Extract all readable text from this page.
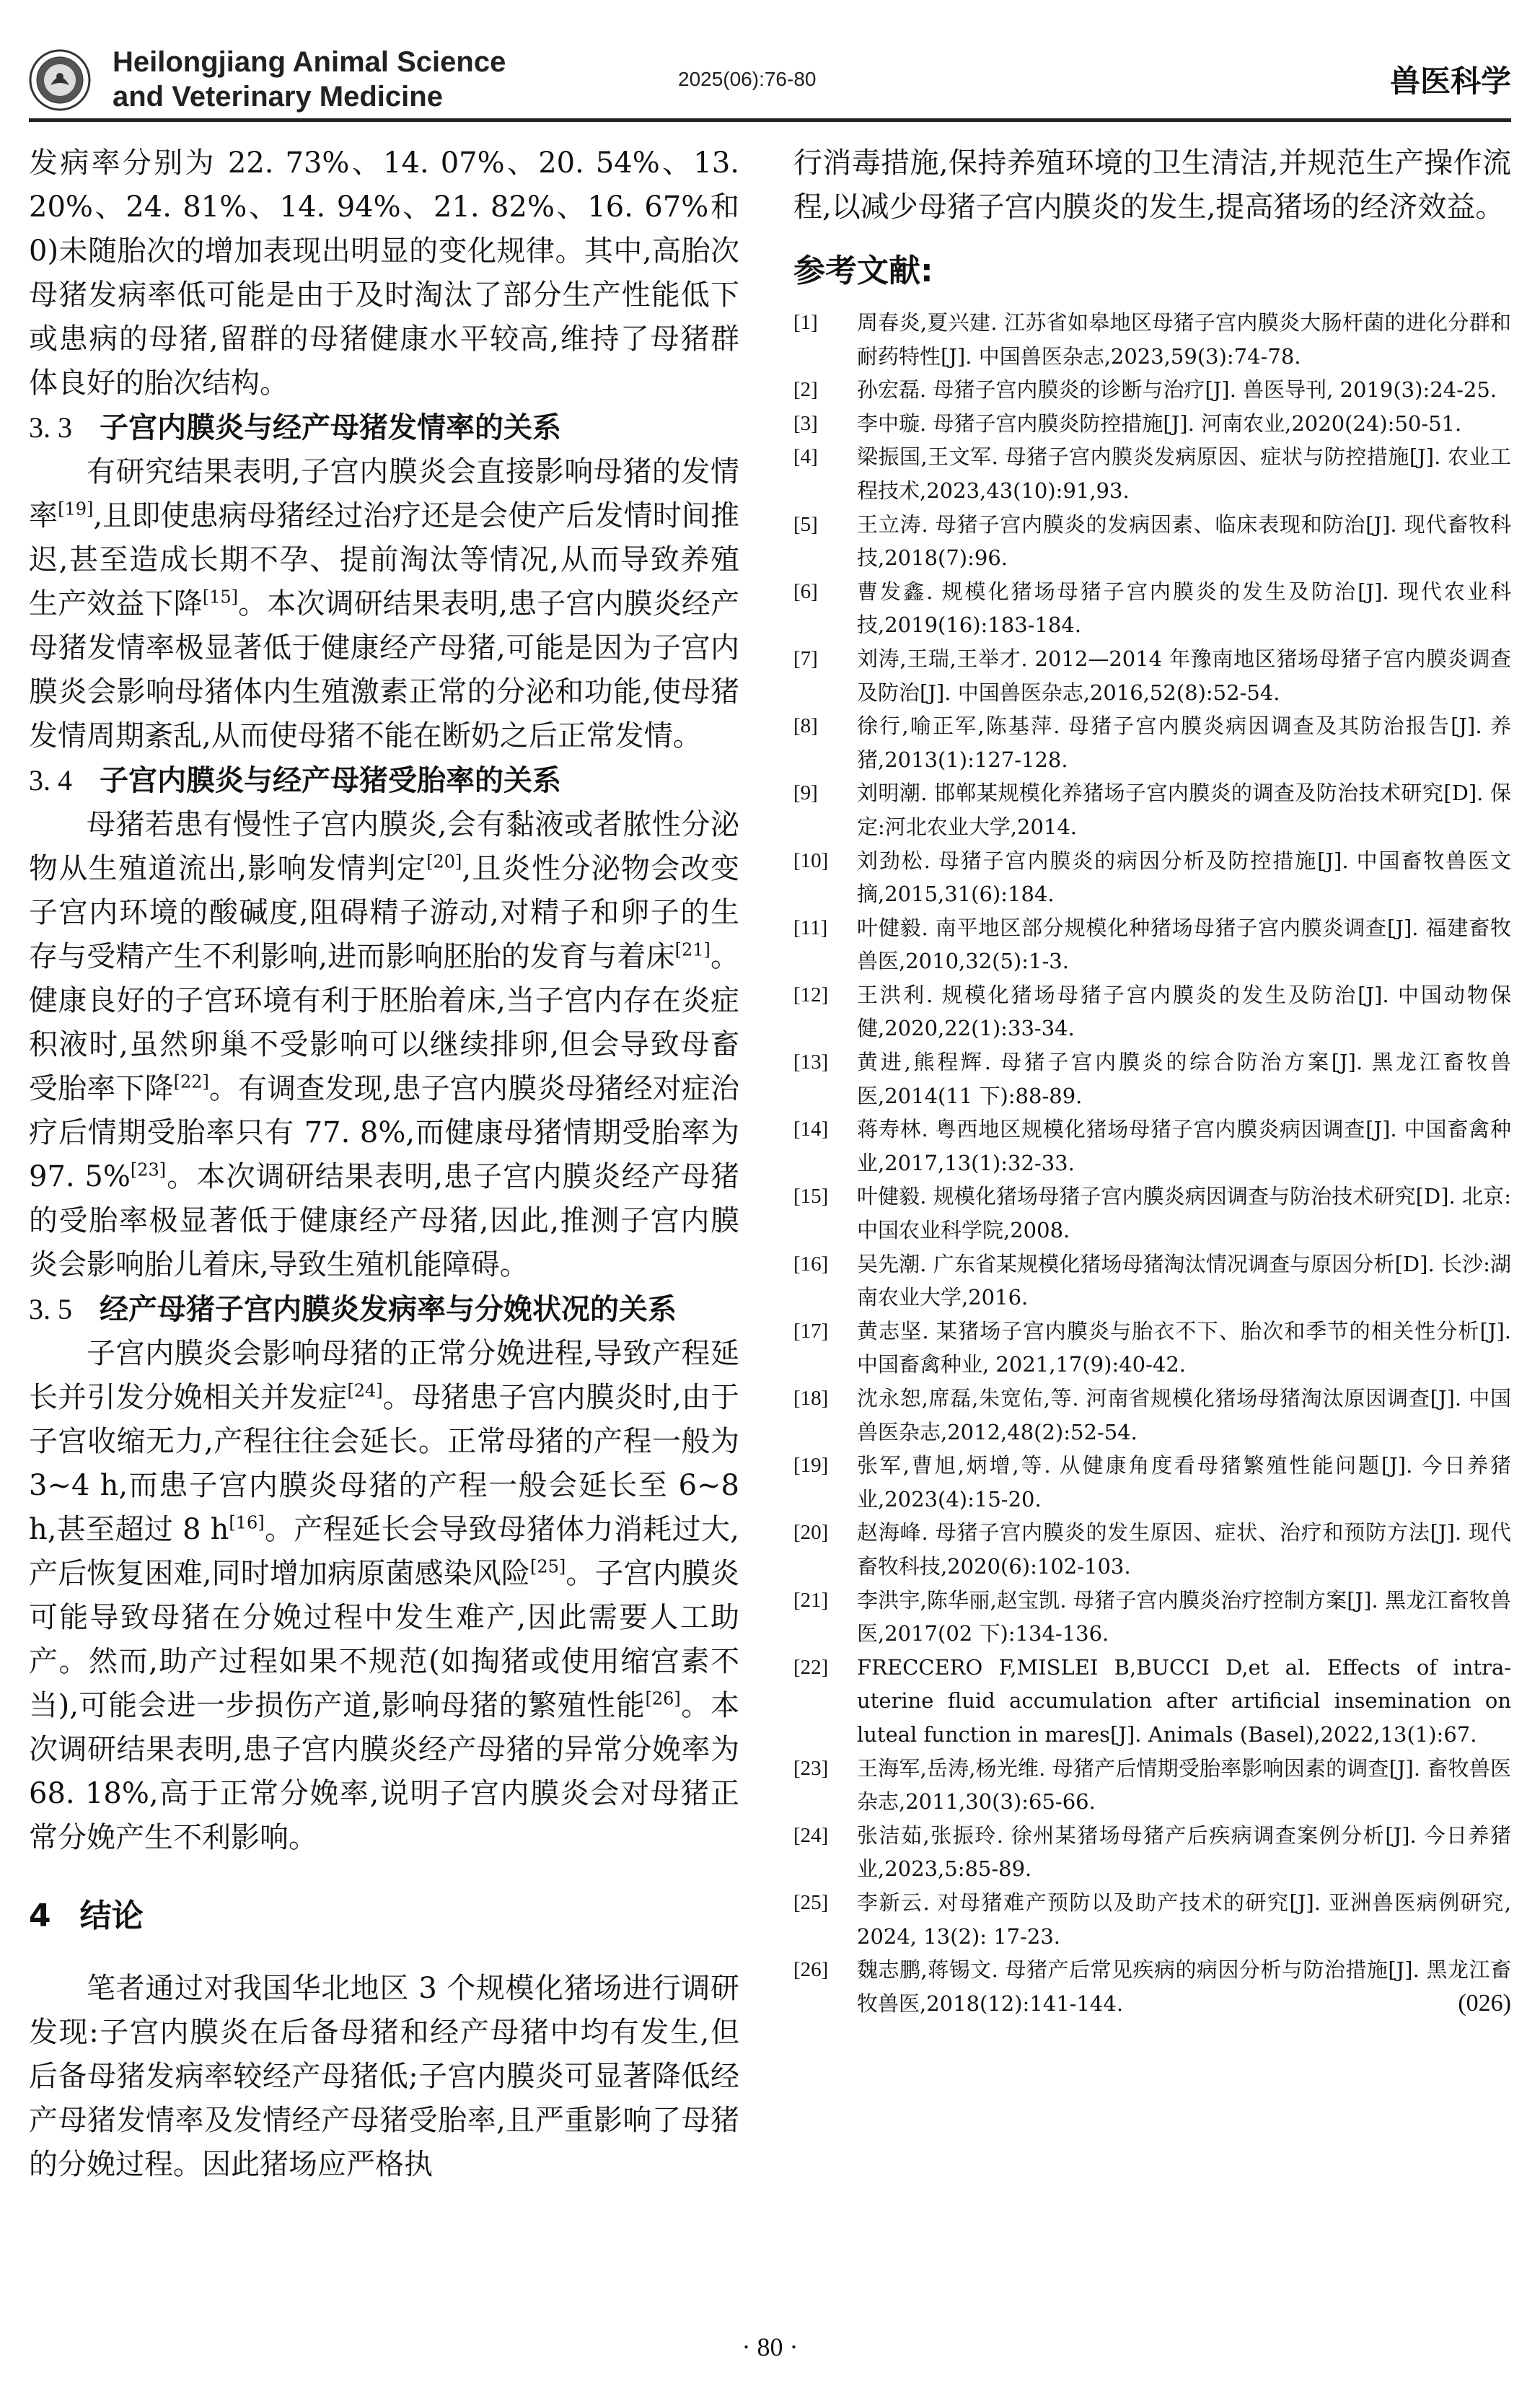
Heilongjiang Animal Science
and Veterinary Medicine
2025(06):76-80	兽医科学

发病率分别为 22. 73%、14. 07%、20. 54%、13. 20%、24. 81%、14. 94%、21. 82%、16. 67%和 0)未随胎次的增加表现出明显的变化规律。其中,高胎次母猪发病率低可能是由于及时淘汰了部分生产性能低下或患病的母猪,留群的母猪健康水平较高,维持了母猪群体良好的胎次结构。

3. 3 子宫内膜炎与经产母猪发情率的关系

有研究结果表明,子宫内膜炎会直接影响母猪的发情率[19],且即使患病母猪经过治疗还是会使产后发情时间推迟,甚至造成长期不孕、提前淘汰等情况,从而导致养殖生产效益下降[15]。本次调研结果表明,患子宫内膜炎经产母猪发情率极显著低于健康经产母猪,可能是因为子宫内膜炎会影响母猪体内生殖激素正常的分泌和功能,使母猪发情周期紊乱,从而使母猪不能在断奶之后正常发情。

3. 4 子宫内膜炎与经产母猪受胎率的关系

母猪若患有慢性子宫内膜炎,会有黏液或者脓性分泌物从生殖道流出,影响发情判定[20],且炎性分泌物会改变子宫内环境的酸碱度,阻碍精子游动,对精子和卵子的生存与受精产生不利影响,进而影响胚胎的发育与着床[21]。健康良好的子宫环境有利于胚胎着床,当子宫内存在炎症积液时,虽然卵巢不受影响可以继续排卵,但会导致母畜受胎率下降[22]。有调查发现,患子宫内膜炎母猪经对症治疗后情期受胎率只有 77. 8%,而健康母猪情期受胎率为 97. 5%[23]。本次调研结果表明,患子宫内膜炎经产母猪的受胎率极显著低于健康经产母猪,因此,推测子宫内膜炎会影响胎儿着床,导致生殖机能障碍。

3. 5 经产母猪子宫内膜炎发病率与分娩状况的关系

子宫内膜炎会影响母猪的正常分娩进程,导致产程延长并引发分娩相关并发症[24]。母猪患子宫内膜炎时,由于子宫收缩无力,产程往往会延长。正常母猪的产程一般为 3~4 h,而患子宫内膜炎母猪的产程一般会延长至 6~8 h,甚至超过 8 h[16]。产程延长会导致母猪体力消耗过大,产后恢复困难,同时增加病原菌感染风险[25]。子宫内膜炎可能导致母猪在分娩过程中发生难产,因此需要人工助产。然而,助产过程如果不规范(如掏猪或使用缩宫素不当),可能会进一步损伤产道,影响母猪的繁殖性能[26]。本次调研结果表明,患子宫内膜炎经产母猪的异常分娩率为 68. 18%,高于正常分娩率,说明子宫内膜炎会对母猪正常分娩产生不利影响。

4 结论

笔者通过对我国华北地区 3 个规模化猪场进行调研发现:子宫内膜炎在后备母猪和经产母猪中均有发生,但后备母猪发病率较经产母猪低;子宫内膜炎可显著降低经产母猪发情率及发情经产母猪受胎率,且严重影响了母猪的分娩过程。因此猪场应严格执

行消毒措施,保持养殖环境的卫生清洁,并规范生产操作流程,以减少母猪子宫内膜炎的发生,提高猪场的经济效益。

参考文献:
[1] 周春炎,夏兴建. 江苏省如皋地区母猪子宫内膜炎大肠杆菌的进化分群和耐药特性[J]. 中国兽医杂志,2023,59(3):74-78.
[2] 孙宏磊. 母猪子宫内膜炎的诊断与治疗[J]. 兽医导刊, 2019(3):24-25.
[3] 李中璇. 母猪子宫内膜炎防控措施[J]. 河南农业,2020(24):50-51.
[4] 梁振国,王文军. 母猪子宫内膜炎发病原因、症状与防控措施[J]. 农业工程技术,2023,43(10):91,93.
[5] 王立涛. 母猪子宫内膜炎的发病因素、临床表现和防治[J]. 现代畜牧科技,2018(7):96.
[6] 曹发鑫. 规模化猪场母猪子宫内膜炎的发生及防治[J]. 现代农业科技,2019(16):183-184.
[7] 刘涛,王瑞,王举才. 2012—2014 年豫南地区猪场母猪子宫内膜炎调查及防治[J]. 中国兽医杂志,2016,52(8):52-54.
[8] 徐行,喻正军,陈基萍. 母猪子宫内膜炎病因调查及其防治报告[J]. 养猪,2013(1):127-128.
[9] 刘明潮. 邯郸某规模化养猪场子宫内膜炎的调查及防治技术研究[D]. 保定:河北农业大学,2014.
[10] 刘劲松. 母猪子宫内膜炎的病因分析及防控措施[J]. 中国畜牧兽医文摘,2015,31(6):184.
[11] 叶健毅. 南平地区部分规模化种猪场母猪子宫内膜炎调查[J]. 福建畜牧兽医,2010,32(5):1-3.
[12] 王洪利. 规模化猪场母猪子宫内膜炎的发生及防治[J]. 中国动物保健,2020,22(1):33-34.
[13] 黄进,熊程辉. 母猪子宫内膜炎的综合防治方案[J]. 黑龙江畜牧兽医,2014(11 下):88-89.
[14] 蒋寿林. 粤西地区规模化猪场母猪子宫内膜炎病因调查[J]. 中国畜禽种业,2017,13(1):32-33.
[15] 叶健毅. 规模化猪场母猪子宫内膜炎病因调查与防治技术研究[D]. 北京:中国农业科学院,2008.
[16] 吴先潮. 广东省某规模化猪场母猪淘汰情况调查与原因分析[D]. 长沙:湖南农业大学,2016.
[17] 黄志坚. 某猪场子宫内膜炎与胎衣不下、胎次和季节的相关性分析[J]. 中国畜禽种业, 2021,17(9):40-42.
[18] 沈永恕,席磊,朱宽佑,等. 河南省规模化猪场母猪淘汰原因调查[J]. 中国兽医杂志,2012,48(2):52-54.
[19] 张军,曹旭,炳增,等. 从健康角度看母猪繁殖性能问题[J]. 今日养猪业,2023(4):15-20.
[20] 赵海峰. 母猪子宫内膜炎的发生原因、症状、治疗和预防方法[J]. 现代畜牧科技,2020(6):102-103.
[21] 李洪宇,陈华丽,赵宝凯. 母猪子宫内膜炎治疗控制方案[J]. 黑龙江畜牧兽医,2017(02 下):134-136.
[22] FRECCERO F,MISLEI B,BUCCI D,et al. Effects of intra-uterine fluid accumulation after artificial insemination on luteal function in mares[J]. Animals (Basel),2022,13(1):67.
[23] 王海军,岳涛,杨光维. 母猪产后情期受胎率影响因素的调查[J]. 畜牧兽医杂志,2011,30(3):65-66.
[24] 张洁茹,张振玲. 徐州某猪场母猪产后疾病调查案例分析[J]. 今日养猪业,2023,5:85-89.
[25] 李新云. 对母猪难产预防以及助产技术的研究[J]. 亚洲兽医病例研究, 2024, 13(2): 17-23.
[26] 魏志鹏,蒋锡文. 母猪产后常见疾病的病因分析与防治措施[J]. 黑龙江畜牧兽医,2018(12):141-144.	(026)
· 80 ·
